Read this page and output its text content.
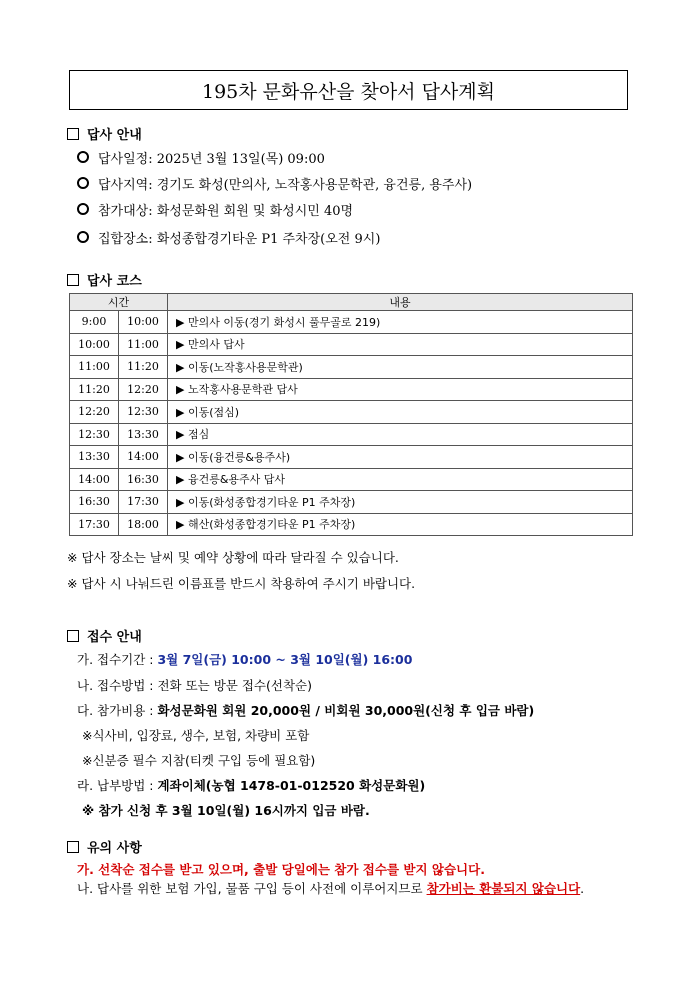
195차 문화유산을 찾아서 답사계획
답사 안내
답사일정: 2025년 3월 13일(목) 09:00
답사지역: 경기도 화성(만의사, 노작홍사용문학관, 융건릉, 용주사)
참가대상: 화성문화원 회원 및 화성시민 40명
집합장소: 화성종합경기타운 P1 주차장(오전 9시)
답사 코스
시간		내용
9:00	10:00	▶ 만의사 이동(경기 화성시 풀무골로 219)
10:00	11:00	▶ 만의사 답사
11:00	11:20	▶ 이동(노작홍사용문학관)
11:20	12:20	▶ 노작홍사용문학관 답사
12:20	12:30	▶ 이동(점심)
12:30	13:30	▶ 점심
13:30	14:00	▶ 이동(융건릉&용주사)
14:00	16:30	▶ 융건릉&용주사 답사
16:30	17:30	▶ 이동(화성종합경기타운 P1 주차장)
17:30	18:00	▶ 해산(화성종합경기타운 P1 주차장)
※ 답사 장소는 날씨 및 예약 상황에 따라 달라질 수 있습니다.
※ 답사 시 나눠드린 이름표를 반드시 착용하여 주시기 바랍니다.
접수 안내
가. 접수기간 : 3월 7일(금) 10:00 ~ 3월 10일(월) 16:00
나. 접수방법 : 전화 또는 방문 접수(선착순)
다. 참가비용 : 화성문화원 회원 20,000원 / 비회원 30,000원(신청 후 입금 바람)
※식사비, 입장료, 생수, 보험, 차량비 포함
※신분증 필수 지참(티켓 구입 등에 필요함)
라. 납부방법 : 계좌이체(농협 1478-01-012520 화성문화원)
※ 참가 신청 후 3월 10일(월) 16시까지 입금 바람.
유의 사항
가. 선착순 접수를 받고 있으며, 출발 당일에는 참가 접수를 받지 않습니다.
나. 답사를 위한 보험 가입, 물품 구입 등이 사전에 이루어지므로 참가비는 환불되지 않습니다.
